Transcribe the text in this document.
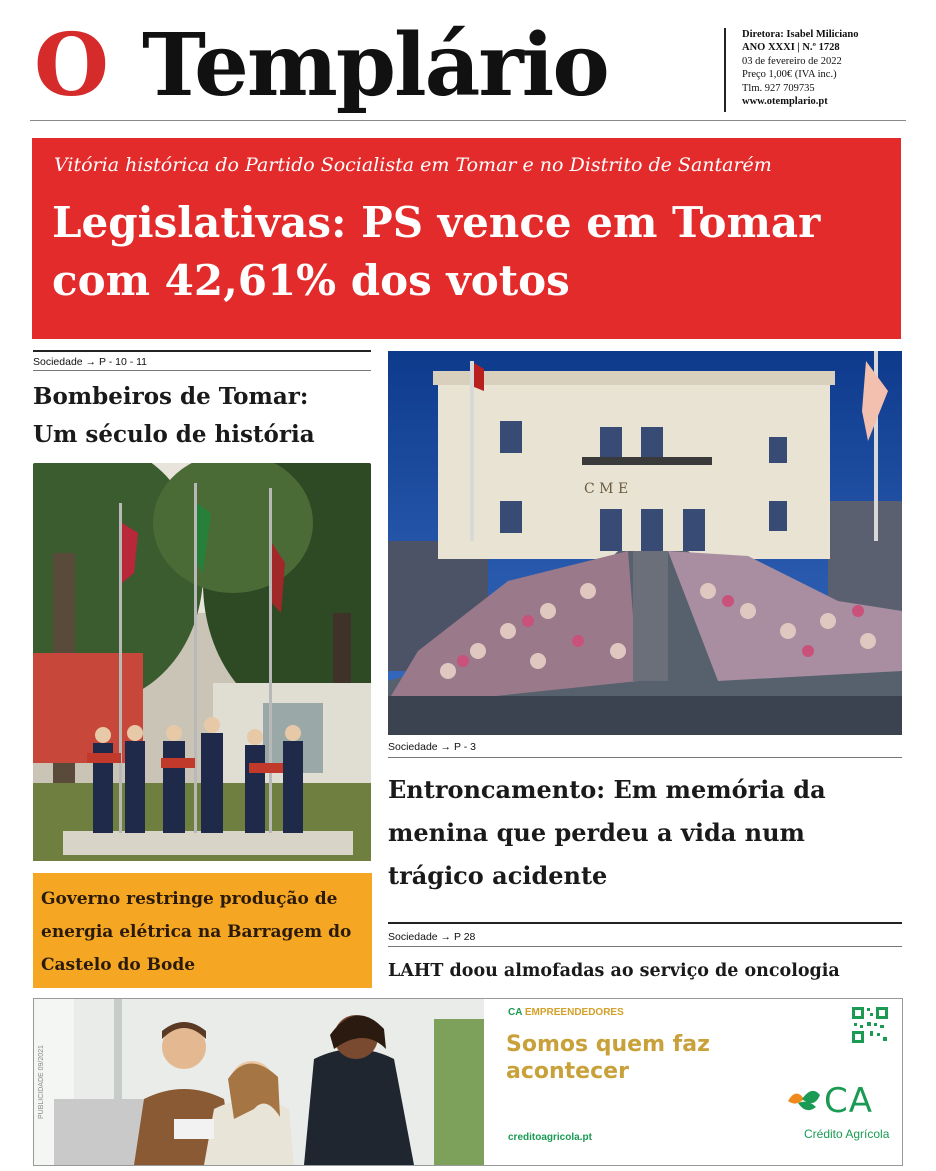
O Templário	Diretora: Isabel Miliciano
ANO XXXI | N.º 1728
03 de fevereiro de 2022
Preço 1,00€ (IVA inc.)
Tlm. 927 709735
www.otemplario.pt
Vitória histórica do Partido Socialista em Tomar e no Distrito de Santarém
Legislativas: PS vence em Tomar com 42,61% dos votos
Sociedade → P - 10 - 11
Bombeiros de Tomar:
Um século de história
Governo restringe produção de energia elétrica na Barragem do Castelo do Bode
C M E
Sociedade → P - 3
Entroncamento: Em memória da menina que perdeu a vida num trágico acidente
Sociedade → P 28
LAHT doou almofadas ao serviço de oncologia
PUBLICIDADE 09/2021
CA EMPREENDEDORES
Somos quem faz acontecer
creditoagricola.pt
CA
Crédito Agrícola
